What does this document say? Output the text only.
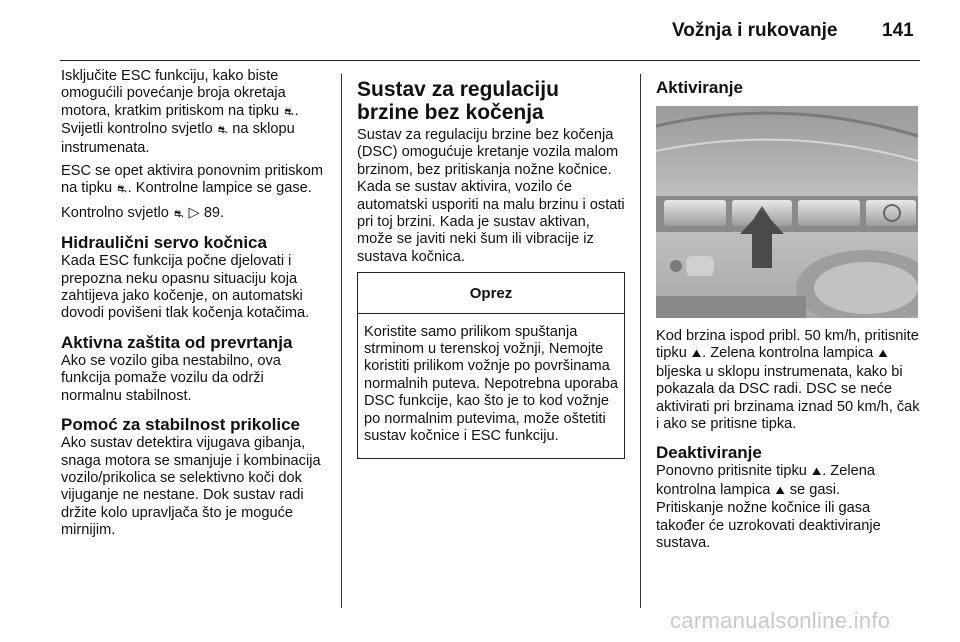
Vožnja i rukovanje 141

Isključite ESC funkciju, kako biste omogućili povećanje broja okretaja motora, kratkim pritiskom na tipku ⛐. Svijetli kontrolno svjetlo ⛐ na sklopu instrumenata.

ESC se opet aktivira ponovnim pritiskom na tipku ⛐. Kontrolne lampice se gase.

Kontrolno svjetlo ⛐ ▷ 89.

Hidraulični servo kočnica

Kada ESC funkcija počne djelovati i prepozna neku opasnu situaciju koja zahtijeva jako kočenje, on automatski dovodi povišeni tlak kočenja kotačima.

Aktivna zaštita od prevrtanja

Ako se vozilo giba nestabilno, ova funkcija pomaže vozilu da održi normalnu stabilnost.

Pomoć za stabilnost prikolice

Ako sustav detektira vijugava gibanja, snaga motora se smanjuje i kombinacija vozilo/prikolica se selektivno koči dok vijuganje ne nestane. Dok sustav radi držite kolo upravljača što je moguće mirnijim.

Sustav za regulaciju brzine bez kočenja

Sustav za regulaciju brzine bez kočenja (DSC) omogućuje kretanje vozila malom brzinom, bez pritiskanja nožne kočnice. Kada se sustav aktivira, vozilo će automatski usporiti na malu brzinu i ostati pri toj brzini. Kada je sustav aktivan, može se javiti neki šum ili vibracije iz sustava kočnica.

Oprez
Koristite samo prilikom spuštanja strminom u terenskoj vožnji, Nemojte koristiti prilikom vožnje po površinama normalnih puteva. Nepotrebna uporaba DSC funkcije, kao što je to kod vožnje po normalnim putevima, može oštetiti sustav kočnice i ESC funkciju.
Aktiviranje

Kod brzina ispod pribl. 50 km/h, pritisnite tipku ⛰. Zelena kontrolna lampica ⛰ bljeska u sklopu instrumenata, kako bi pokazala da DSC radi. DSC se neće aktivirati pri brzinama iznad 50 km/h, čak i ako se pritisne tipka.

Deaktiviranje

Ponovno pritisnite tipku ⛰. Zelena kontrolna lampica ⛰ se gasi.

Pritiskanje nožne kočnice ili gasa također će uzrokovati deaktiviranje sustava.

carmanualsonline.info
